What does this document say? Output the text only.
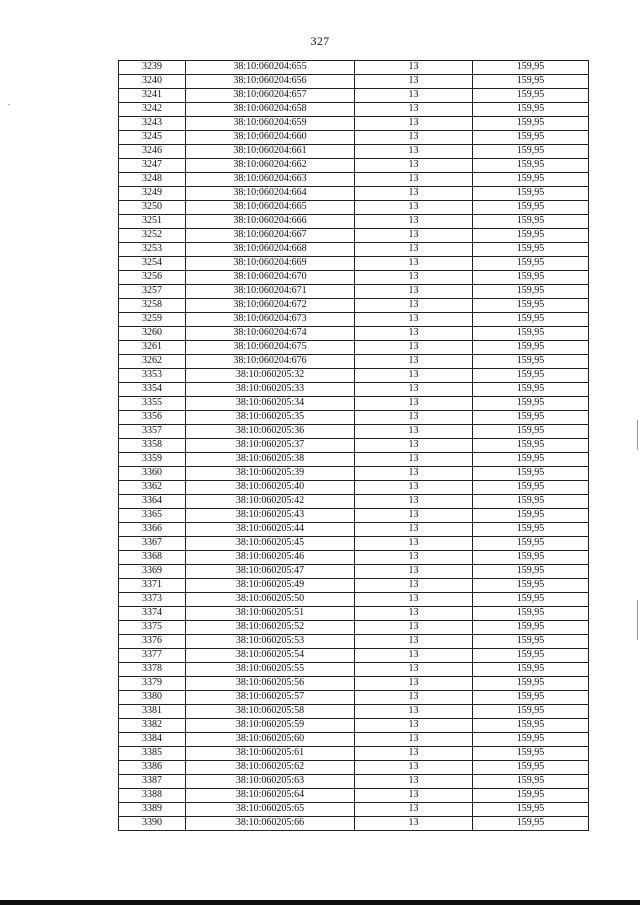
327
3239	38:10:060204:655	13	159,95
3240	38:10:060204:656	13	159,95
3241	38:10:060204:657	13	159,95
3242	38:10:060204:658	13	159,95
3243	38:10:060204:659	13	159,95
3245	38:10:060204:660	13	159,95
3246	38:10:060204:661	13	159,95
3247	38:10:060204:662	13	159,95
3248	38:10:060204:663	13	159,95
3249	38:10:060204:664	13	159,95
3250	38:10:060204:665	13	159,95
3251	38:10:060204:666	13	159,95
3252	38:10:060204:667	13	159,95
3253	38:10:060204:668	13	159,95
3254	38:10:060204:669	13	159,95
3256	38:10:060204:670	13	159,95
3257	38:10:060204:671	13	159,95
3258	38:10:060204:672	13	159,95
3259	38:10:060204:673	13	159,95
3260	38:10:060204:674	13	159,95
3261	38:10:060204:675	13	159,95
3262	38:10:060204:676	13	159,95
3353	38:10:060205:32	13	159,95
3354	38:10:060205:33	13	159,95
3355	38:10:060205:34	13	159,95
3356	38:10:060205:35	13	159,95
3357	38:10:060205:36	13	159,95
3358	38:10:060205:37	13	159,95
3359	38:10:060205:38	13	159,95
3360	38:10:060205:39	13	159,95
3362	38:10:060205:40	13	159,95
3364	38:10:060205:42	13	159,95
3365	38:10:060205:43	13	159,95
3366	38:10:060205:44	13	159,95
3367	38:10:060205:45	13	159,95
3368	38:10:060205:46	13	159,95
3369	38:10:060205:47	13	159,95
3371	38:10:060205:49	13	159,95
3373	38:10:060205:50	13	159,95
3374	38:10:060205:51	13	159,95
3375	38:10:060205:52	13	159,95
3376	38:10:060205:53	13	159,95
3377	38:10:060205:54	13	159,95
3378	38:10:060205:55	13	159,95
3379	38:10:060205:56	13	159,95
3380	38:10:060205:57	13	159,95
3381	38:10:060205:58	13	159,95
3382	38:10:060205:59	13	159,95
3384	38:10:060205:60	13	159,95
3385	38:10:060205:61	13	159,95
3386	38:10:060205:62	13	159,95
3387	38:10:060205:63	13	159,95
3388	38:10:060205:64	13	159,95
3389	38:10:060205:65	13	159,95
3390	38:10:060205:66	13	159,95
